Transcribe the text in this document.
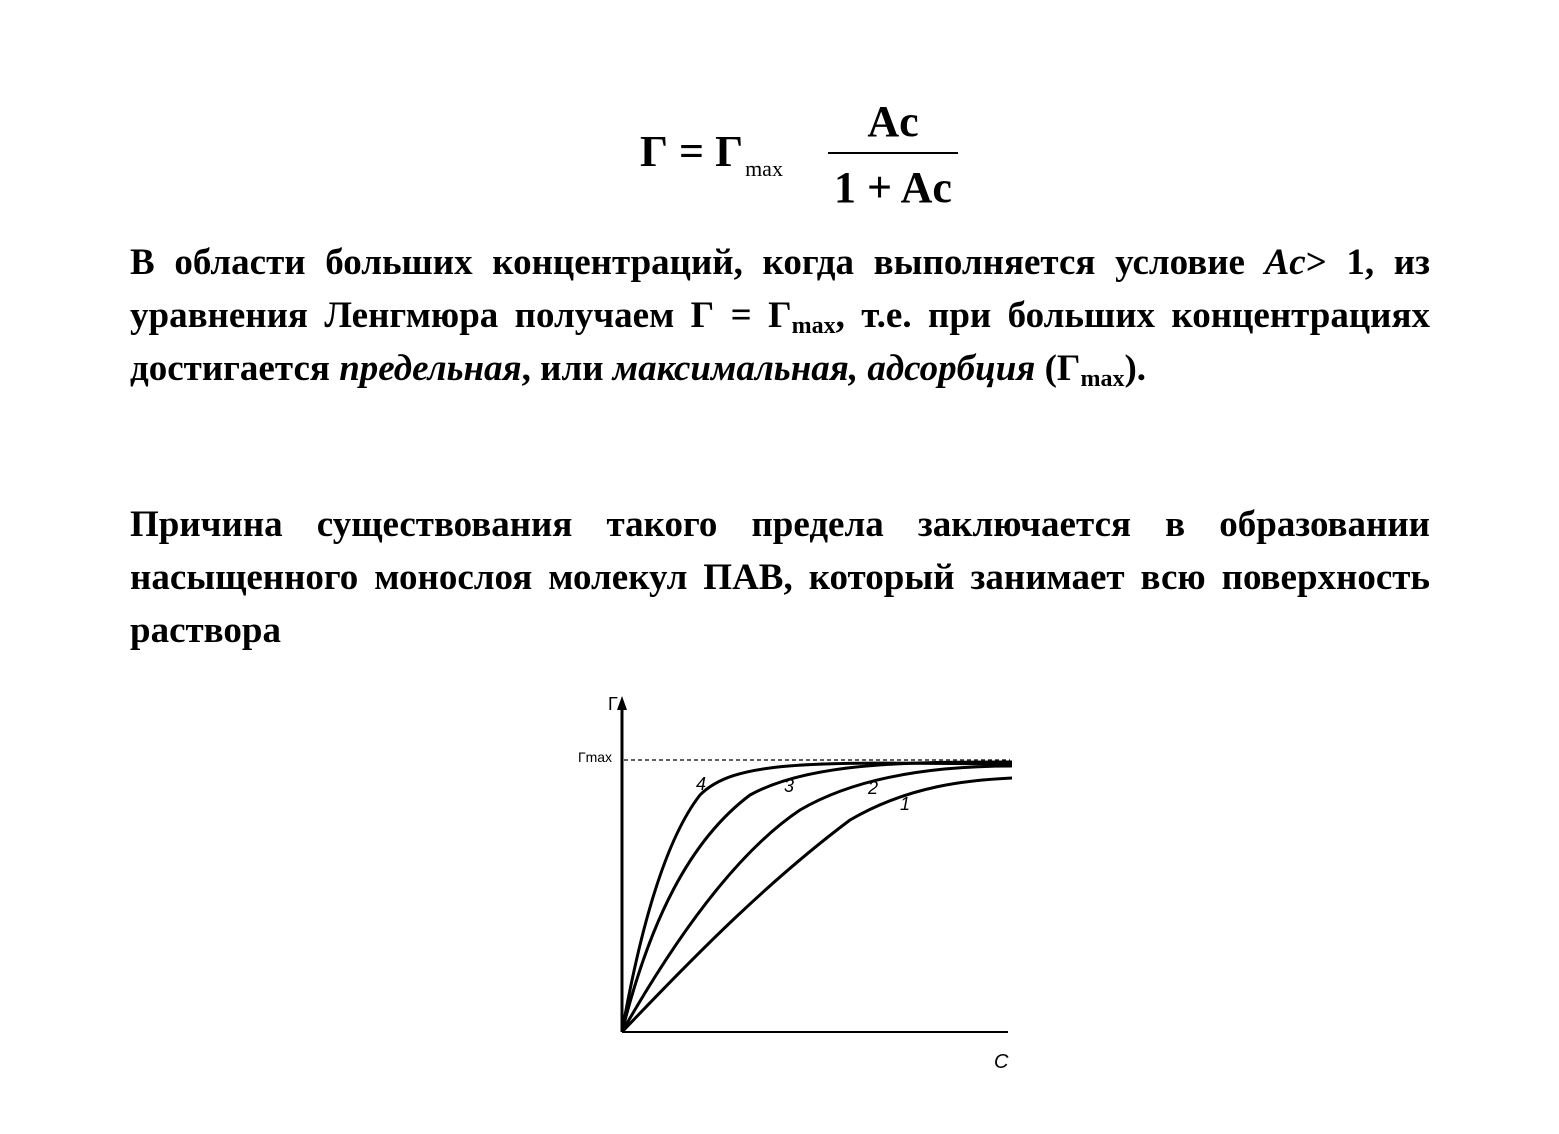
$Г = Г_{max}$
Ac
1 + Ac

В области больших концентраций, когда выполняется условие Ac> 1, из уравнения Ленгмюра получаем $Г = Г_{max}$, т.е. при больших концентрациях достигается предельная, или максимальная, адсорбция $(Г_{max})$.

Причина существования такого предела заключается в образовании насыщенного монослоя молекул ПАВ, который занимает всю поверхность раствора

Г
Гmax
C
4	3	2
1
